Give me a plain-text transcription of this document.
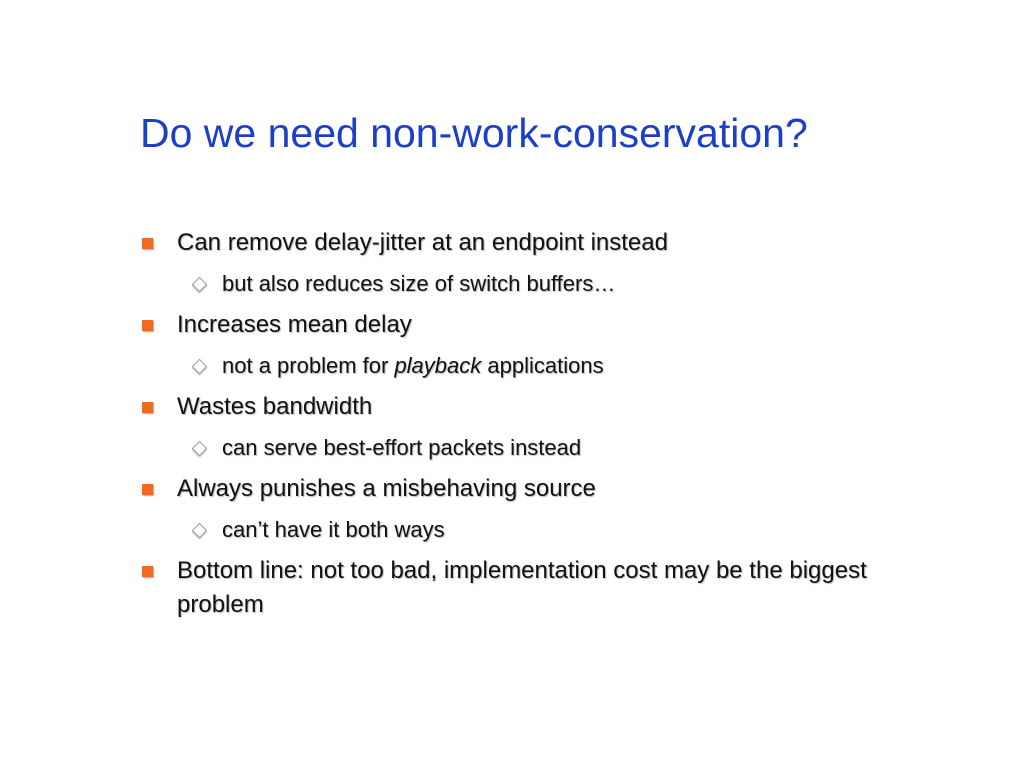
Do we need non-work-conservation?
Can remove delay-jitter at an endpoint instead
but also reduces size of switch buffers…
Increases mean delay
not a problem for playback applications
Wastes bandwidth
can serve best-effort packets instead
Always punishes a misbehaving source
can’t have it both ways
Bottom line: not too bad, implementation cost may be the biggest problem
